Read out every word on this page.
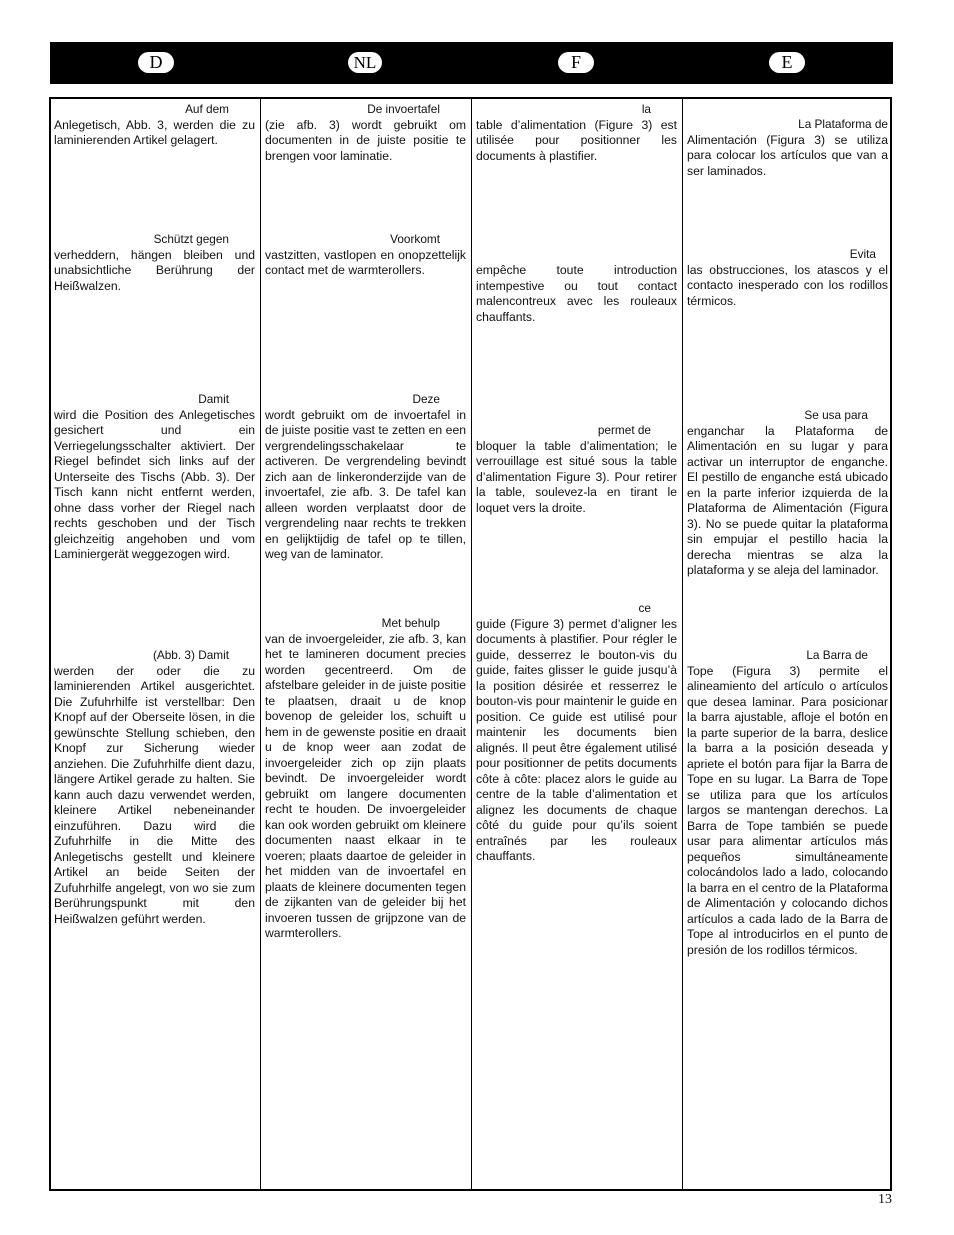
D	NL	F	E
Auf dem
Anlegetisch, Abb. 3, werden die zu laminierenden Artikel gelagert.
Schützt gegen
verheddern, hängen bleiben und unabsichtliche Berührung der Heißwalzen.
Damit
wird die Position des Anlegetisches gesichert und ein Verriegelungsschalter aktiviert. Der Riegel befindet sich links auf der Unterseite des Tischs (Abb. 3). Der Tisch kann nicht entfernt werden, ohne dass vorher der Riegel nach rechts geschoben und der Tisch gleichzeitig angehoben und vom Laminiergerät weggezogen wird.
(Abb. 3) Damit
werden der oder die zu laminierenden Artikel ausgerichtet. Die Zufuhrhilfe ist verstellbar: Den Knopf auf der Oberseite lösen, in die gewünschte Stellung schieben, den Knopf zur Sicherung wieder anziehen. Die Zufuhrhilfe dient dazu, längere Artikel gerade zu halten. Sie kann auch dazu verwendet werden, kleinere Artikel nebeneinander einzuführen. Dazu wird die Zufuhrhilfe in die Mitte des Anlegetischs gestellt und kleinere Artikel an beide Seiten der Zufuhrhilfe angelegt, von wo sie zum Berührungspunkt mit den Heißwalzen geführt werden.
De invoertafel
(zie afb. 3) wordt gebruikt om documenten in de juiste positie te brengen voor laminatie.
Voorkomt
vastzitten, vastlopen en onopzettelijk contact met de warmterollers.
Deze
wordt gebruikt om de invoertafel in de juiste positie vast te zetten en een vergrendelingsschakelaar te activeren. De vergrendeling bevindt zich aan de linkeronderzijde van de invoertafel, zie afb. 3. De tafel kan alleen worden verplaatst door de vergrendeling naar rechts te trekken en gelijktijdig de tafel op te tillen, weg van de laminator.
Met behulp
van de invoergeleider, zie afb. 3, kan het te lamineren document precies worden gecentreerd. Om de afstelbare geleider in de juiste positie te plaatsen, draait u de knop bovenop de geleider los, schuift u hem in de gewenste positie en draait u de knop weer aan zodat de invoergeleider zich op zijn plaats bevindt. De invoergeleider wordt gebruikt om langere documenten recht te houden. De invoergeleider kan ook worden gebruikt om kleinere documenten naast elkaar in te voeren; plaats daartoe de geleider in het midden van de invoertafel en plaats de kleinere documenten tegen de zijkanten van de geleider bij het invoeren tussen de grijpzone van de warmterollers.
la
table d’alimentation (Figure 3) est utilisée pour positionner les documents à plastifier.
empêche toute introduction intempestive ou tout contact malencontreux avec les rouleaux chauffants.
permet de
bloquer la table d’alimentation; le verrouillage est situé sous la table d’alimentation Figure 3). Pour retirer la table, soulevez-la en tirant le loquet vers la droite.
ce
guide (Figure 3) permet d’aligner les documents à plastifier. Pour régler le guide, desserrez le bouton-vis du guide, faites glisser le guide jusqu’à la position désirée et resserrez le bouton-vis pour maintenir le guide en position. Ce guide est utilisé pour maintenir les documents bien alignés. Il peut être également utilisé pour positionner de petits documents côte à côte: placez alors le guide au centre de la table d’alimentation et alignez les documents de chaque côté du guide pour qu’ils soient entraînés par les rouleaux chauffants.
La Plataforma de
Alimentación (Figura 3) se utiliza para colocar los artículos que van a ser laminados.
Evita
las obstrucciones, los atascos y el contacto inesperado con los rodillos térmicos.
Se usa para
enganchar la Plataforma de Alimentación en su lugar y para activar un interruptor de enganche. El pestillo de enganche está ubicado en la parte inferior izquierda de la Plataforma de Alimentación (Figura 3). No se puede quitar la plataforma sin empujar el pestillo hacia la derecha mientras se alza la plataforma y se aleja del laminador.
La Barra de
Tope (Figura 3) permite el alineamiento del artículo o artículos que desea laminar. Para posicionar la barra ajustable, afloje el botón en la parte superior de la barra, deslice la barra a la posición deseada y apriete el botón para fijar la Barra de Tope en su lugar. La Barra de Tope se utiliza para que los artículos largos se mantengan derechos. La Barra de Tope también se puede usar para alimentar artículos más pequeños simultáneamente colocándolos lado a lado, colocando la barra en el centro de la Plataforma de Alimentación y colocando dichos artículos a cada lado de la Barra de Tope al introducirlos en el punto de presión de los rodillos térmicos.
13
